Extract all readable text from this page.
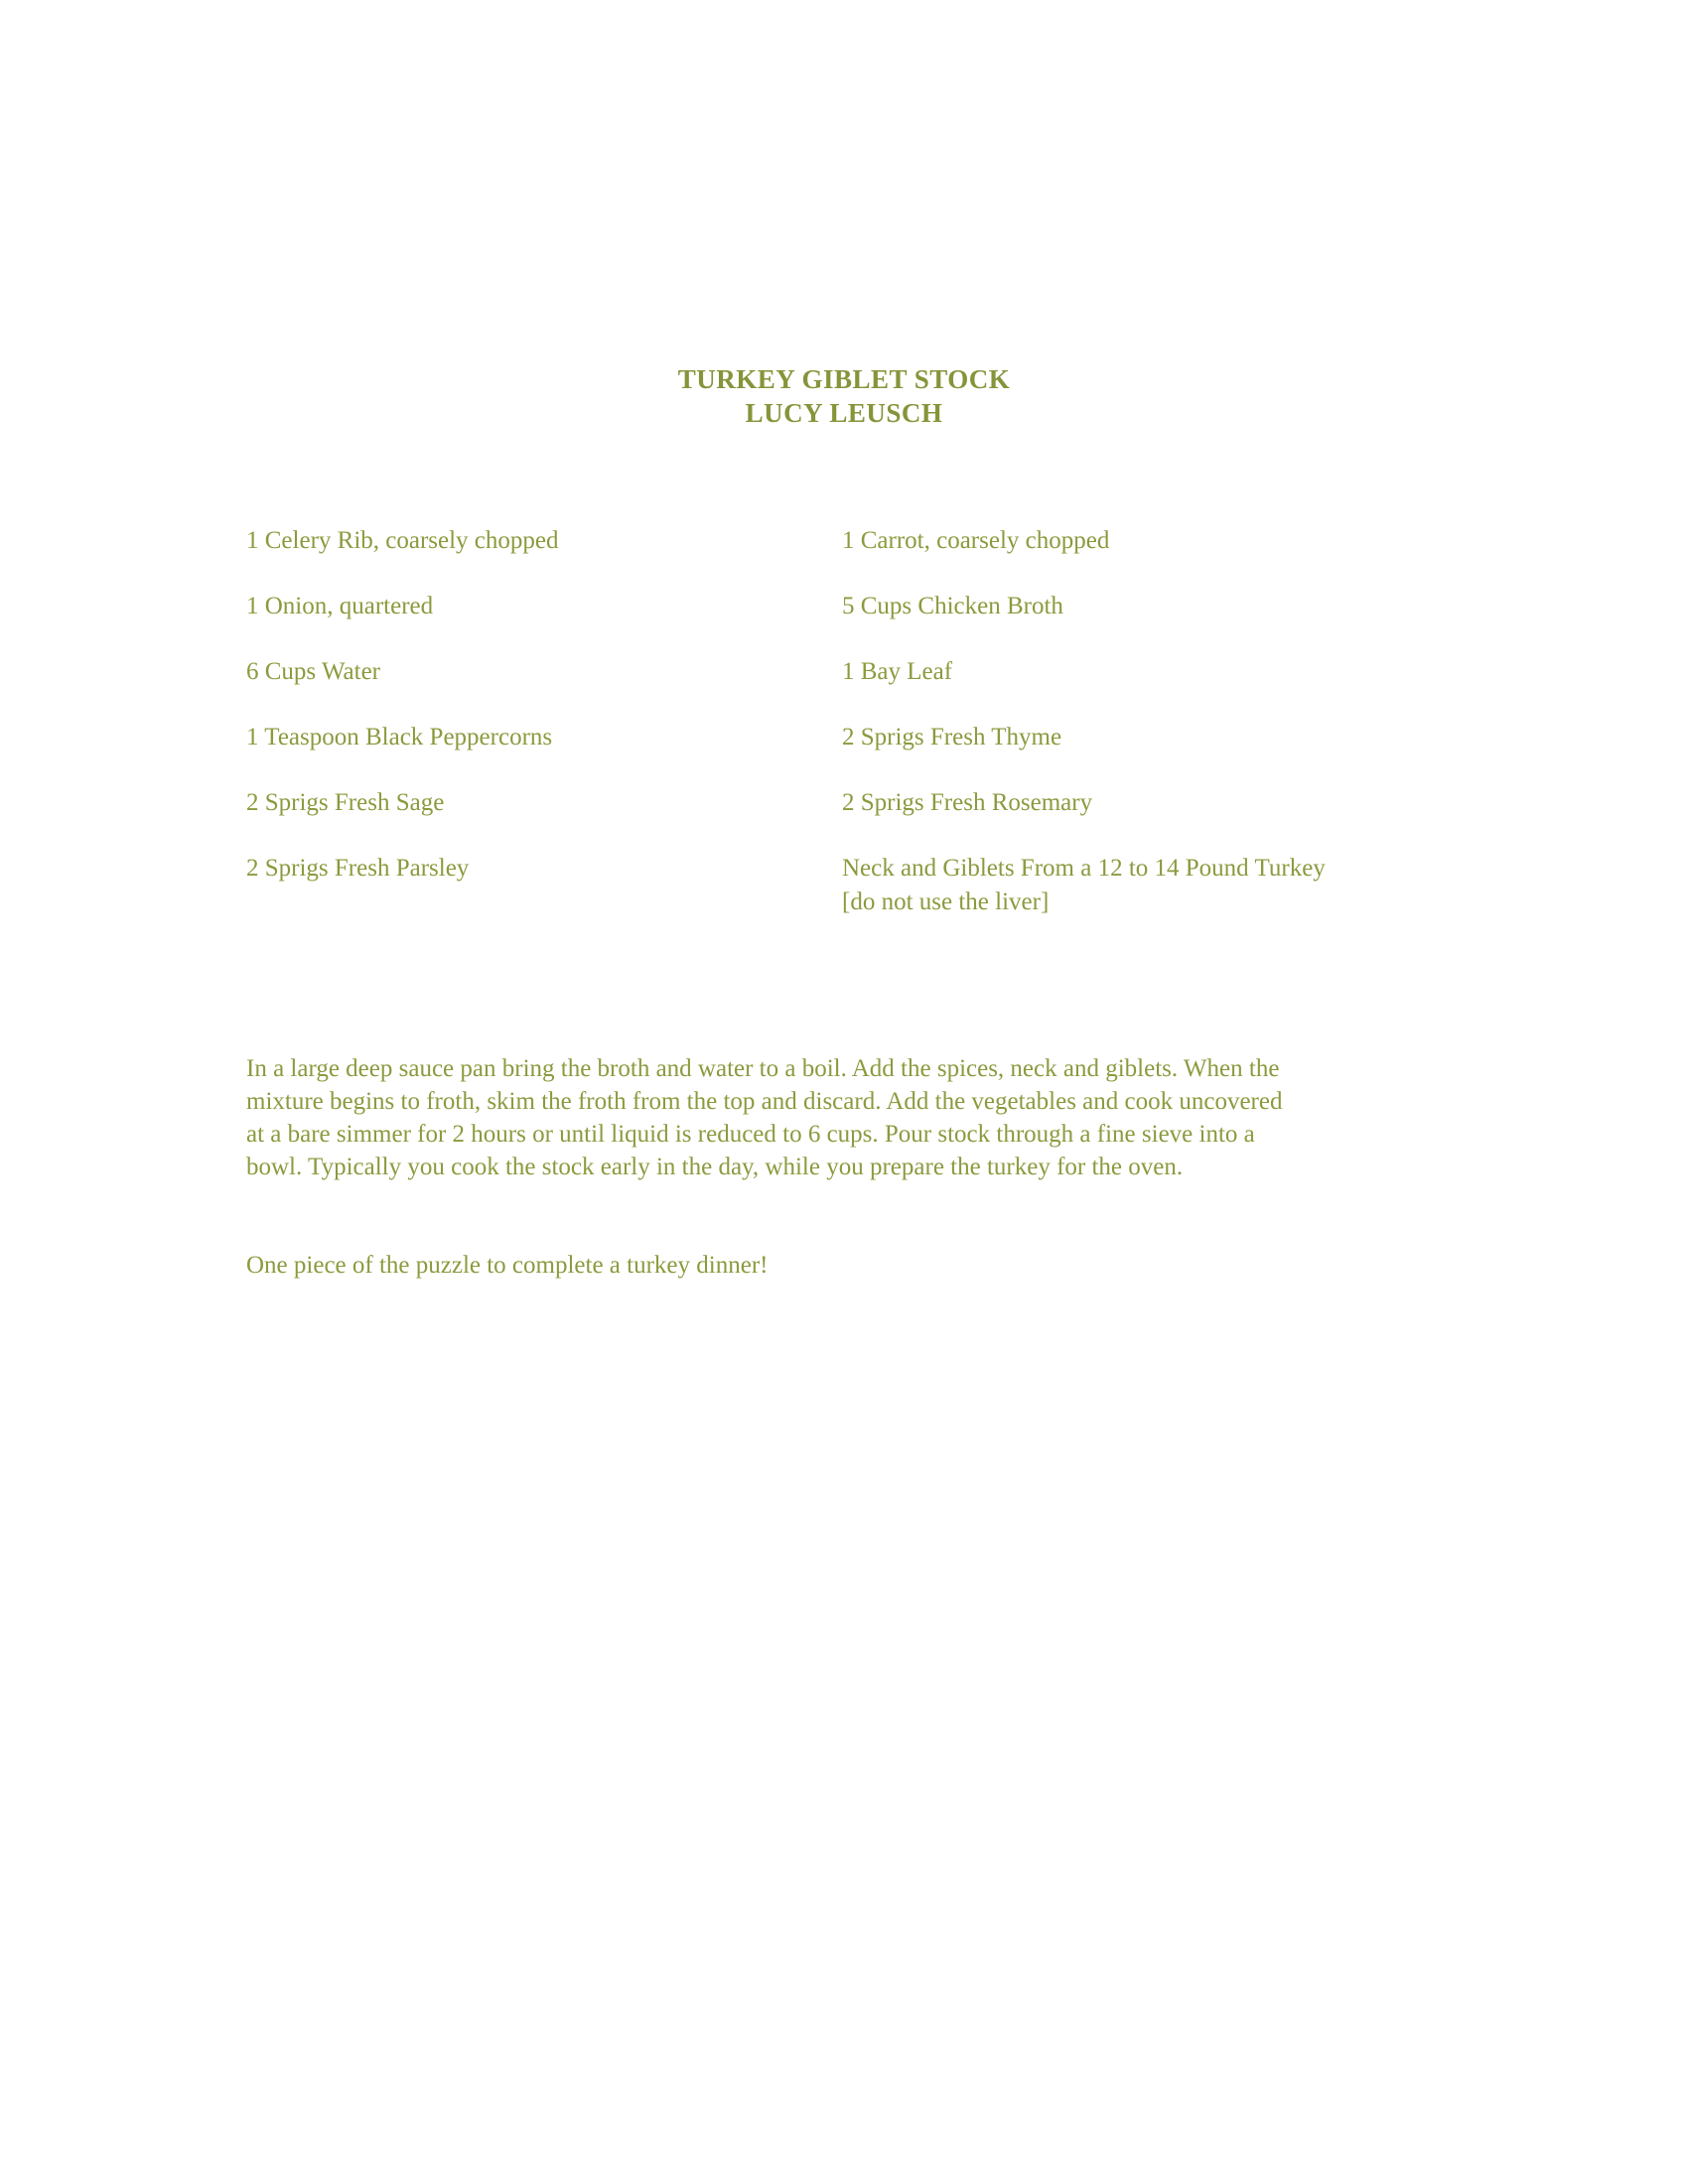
TURKEY GIBLET STOCK
LUCY LEUSCH
1 Celery Rib, coarsely chopped	1 Carrot, coarsely chopped
1 Onion, quartered	5 Cups Chicken Broth
6 Cups Water	1 Bay Leaf
1 Teaspoon Black Peppercorns	2 Sprigs Fresh Thyme
2 Sprigs Fresh Sage	2 Sprigs Fresh Rosemary
2 Sprigs Fresh Parsley	Neck and Giblets From a 12 to 14 Pound Turkey
[do not use the liver]
In a large deep sauce pan bring the broth and water to a boil. Add the spices, neck and giblets. When the
mixture begins to froth, skim the froth from the top and discard. Add the vegetables and cook uncovered
at a bare simmer for 2 hours or until liquid is reduced to 6 cups. Pour stock through a fine sieve into a
bowl. Typically you cook the stock early in the day, while you prepare the turkey for the oven.

One piece of the puzzle to complete a turkey dinner!
